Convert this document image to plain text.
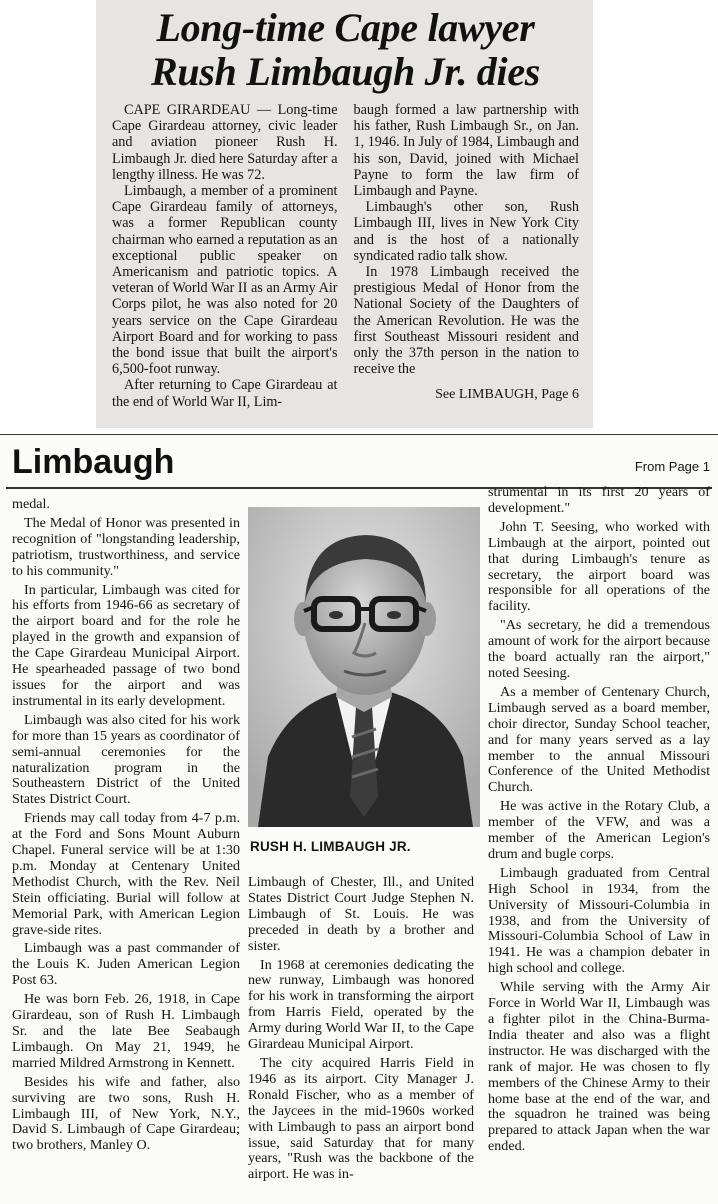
Long-time Cape lawyer
Rush Limbaugh Jr. dies

CAPE GIRARDEAU — Long-time Cape Girardeau attorney, civic leader and aviation pioneer Rush H. Limbaugh Jr. died here Saturday after a lengthy illness. He was 72.

Limbaugh, a member of a prominent Cape Girardeau family of attorneys, was a former Republican county chairman who earned a reputation as an exceptional public speaker on Americanism and patriotic topics. A veteran of World War II as an Army Air Corps pilot, he was also noted for 20 years service on the Cape Girardeau Airport Board and for working to pass the bond issue that built the airport's 6,500-foot runway.

After returning to Cape Girardeau at the end of World War II, Lim-

baugh formed a law partnership with his father, Rush Limbaugh Sr., on Jan. 1, 1946. In July of 1984, Limbaugh and his son, David, joined with Michael Payne to form the law firm of Limbaugh and Payne.

Limbaugh's other son, Rush Limbaugh III, lives in New York City and is the host of a nationally syndicated radio talk show.

In 1978 Limbaugh received the prestigious Medal of Honor from the National Society of the Daughters of the American Revolution. He was the first Southeast Missouri resident and only the 37th person in the nation to receive the

See LIMBAUGH, Page 6
Limbaugh	From Page 1

medal.

The Medal of Honor was presented in recognition of "longstanding leadership, patriotism, trustworthiness, and service to his community."

In particular, Limbaugh was cited for his efforts from 1946-66 as secretary of the airport board and for the role he played in the growth and expansion of the Cape Girardeau Municipal Airport. He spearheaded passage of two bond issues for the airport and was instrumental in its early development.

Limbaugh was also cited for his work for more than 15 years as coordinator of semi-annual ceremonies for the naturalization program in the Southeastern District of the United States District Court.

Friends may call today from 4-7 p.m. at the Ford and Sons Mount Auburn Chapel. Funeral service will be at 1:30 p.m. Monday at Centenary United Methodist Church, with the Rev. Neil Stein officiating. Burial will follow at Memorial Park, with American Legion grave-side rites.

Limbaugh was a past commander of the Louis K. Juden American Legion Post 63.

He was born Feb. 26, 1918, in Cape Girardeau, son of Rush H. Limbaugh Sr. and the late Bee Seabaugh Limbaugh. On May 21, 1949, he married Mildred Armstrong in Kennett.

Besides his wife and father, also surviving are two sons, Rush H. Limbaugh III, of New York, N.Y., David S. Limbaugh of Cape Girardeau; two brothers, Manley O.

RUSH H. LIMBAUGH JR.

Limbaugh of Chester, Ill., and United States District Court Judge Stephen N. Limbaugh of St. Louis. He was preceded in death by a brother and sister.

In 1968 at ceremonies dedicating the new runway, Limbaugh was honored for his work in transforming the airport from Harris Field, operated by the Army during World War II, to the Cape Girardeau Municipal Airport.

The city acquired Harris Field in 1946 as its airport. City Manager J. Ronald Fischer, who as a member of the Jaycees in the mid-1960s worked with Limbaugh to pass an airport bond issue, said Saturday that for many years, "Rush was the backbone of the airport. He was in-

strumental in its first 20 years of development."

John T. Seesing, who worked with Limbaugh at the airport, pointed out that during Limbaugh's tenure as secretary, the airport board was responsible for all operations of the facility.

"As secretary, he did a tremendous amount of work for the airport because the board actually ran the airport," noted Seesing.

As a member of Centenary Church, Limbaugh served as a board member, choir director, Sunday School teacher, and for many years served as a lay member to the annual Missouri Conference of the United Methodist Church.

He was active in the Rotary Club, a member of the VFW, and was a member of the American Legion's drum and bugle corps.

Limbaugh graduated from Central High School in 1934, from the University of Missouri-Columbia in 1938, and from the University of Missouri-Columbia School of Law in 1941. He was a champion debater in high school and college.

While serving with the Army Air Force in World War II, Limbaugh was a fighter pilot in the China-Burma-India theater and also was a flight instructor. He was discharged with the rank of major. He was chosen to fly members of the Chinese Army to their home base at the end of the war, and the squadron he trained was being prepared to attack Japan when the war ended.
